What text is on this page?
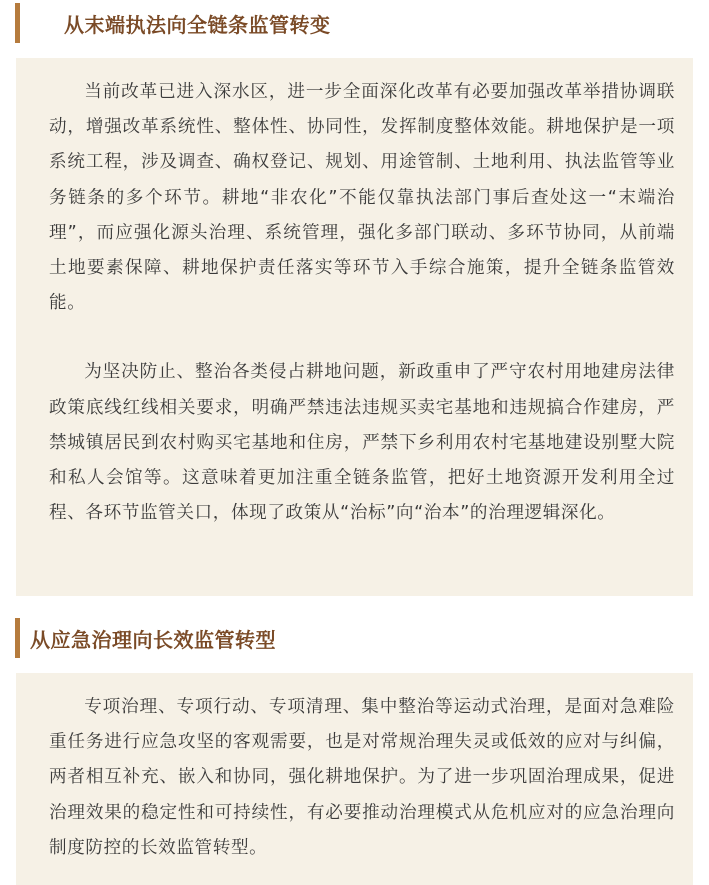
从末端执法向全链条监管转变

当前改革已进入深水区，进一步全面深化改革有必要加强改革举措协调联动，增强改革系统性、整体性、协同性，发挥制度整体效能。耕地保护是一项系统工程，涉及调查、确权登记、规划、用途管制、土地利用、执法监管等业务链条的多个环节。耕地“非农化”不能仅靠执法部门事后查处这一“末端治理”，而应强化源头治理、系统管理，强化多部门联动、多环节协同，从前端土地要素保障、耕地保护责任落实等环节入手综合施策，提升全链条监管效能。

为坚决防止、整治各类侵占耕地问题，新政重申了严守农村用地建房法律政策底线红线相关要求，明确严禁违法违规买卖宅基地和违规搞合作建房，严禁城镇居民到农村购买宅基地和住房，严禁下乡利用农村宅基地建设别墅大院和私人会馆等。这意味着更加注重全链条监管，把好土地资源开发利用全过程、各环节监管关口，体现了政策从“治标”向“治本”的治理逻辑深化。

从应急治理向长效监管转型

专项治理、专项行动、专项清理、集中整治等运动式治理，是面对急难险重任务进行应急攻坚的客观需要，也是对常规治理失灵或低效的应对与纠偏，两者相互补充、嵌入和协同，强化耕地保护。为了进一步巩固治理成果，促进治理效果的稳定性和可持续性，有必要推动治理模式从危机应对的应急治理向制度防控的长效监管转型。
